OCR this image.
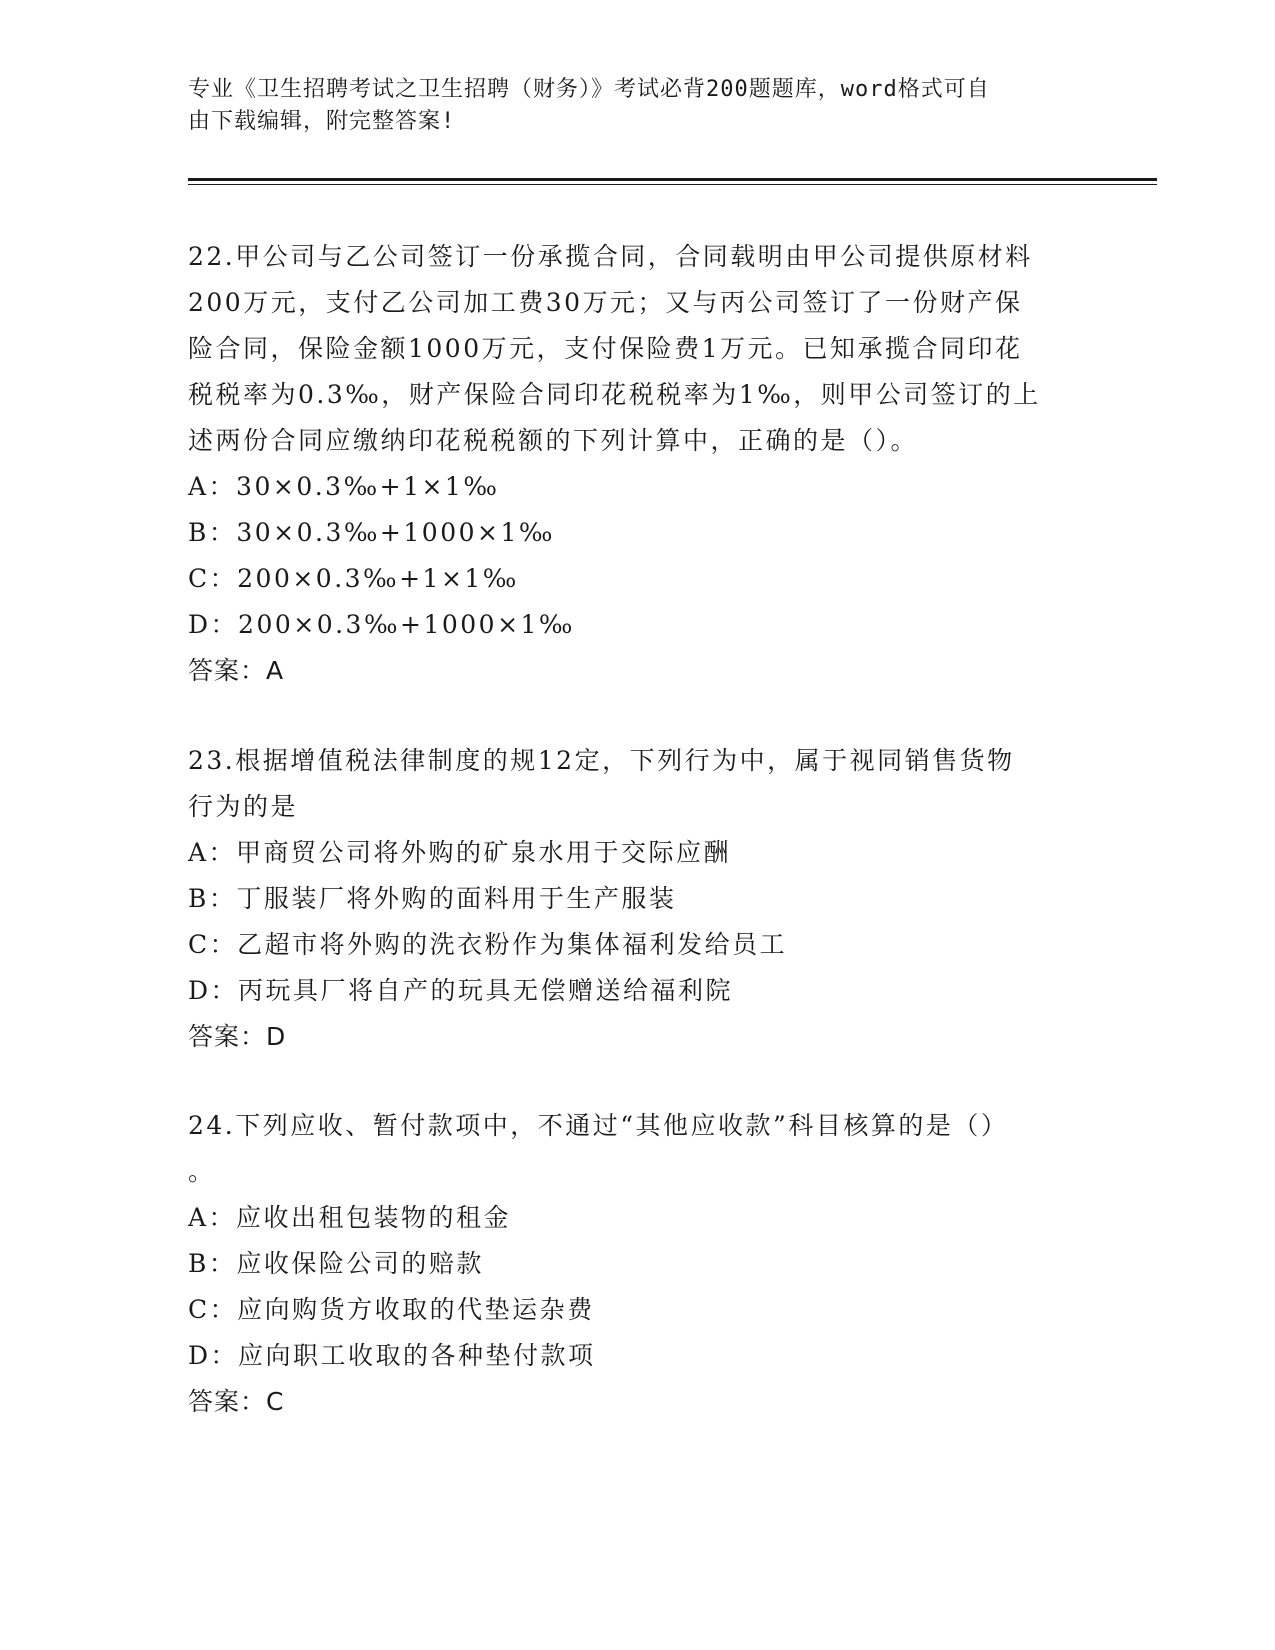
专业《卫生招聘考试之卫生招聘（财务）》考试必背200题题库，word格式可自
由下载编辑，附完整答案!
22.甲公司与乙公司签订一份承揽合同，合同载明由甲公司提供原材料
200万元，支付乙公司加工费30万元；又与丙公司签订了一份财产保
险合同，保险金额1000万元，支付保险费1万元。已知承揽合同印花
税税率为0.3‰，财产保险合同印花税税率为1‰，则甲公司签订的上
述两份合同应缴纳印花税税额的下列计算中，正确的是（）。
A：30×0.3‰+1×1‰
B：30×0.3‰+1000×1‰
C：200×0.3‰+1×1‰
D：200×0.3‰+1000×1‰
答案：A
23.根据增值税法律制度的规12定，下列行为中，属于视同销售货物
行为的是
A：甲商贸公司将外购的矿泉水用于交际应酬
B：丁服装厂将外购的面料用于生产服装
C：乙超市将外购的洗衣粉作为集体福利发给员工
D：丙玩具厂将自产的玩具无偿赠送给福利院
答案：D
24.下列应收、暂付款项中，不通过“其他应收款”科目核算的是（）
。
A：应收出租包装物的租金
B：应收保险公司的赔款
C：应向购货方收取的代垫运杂费
D：应向职工收取的各种垫付款项
答案：C
